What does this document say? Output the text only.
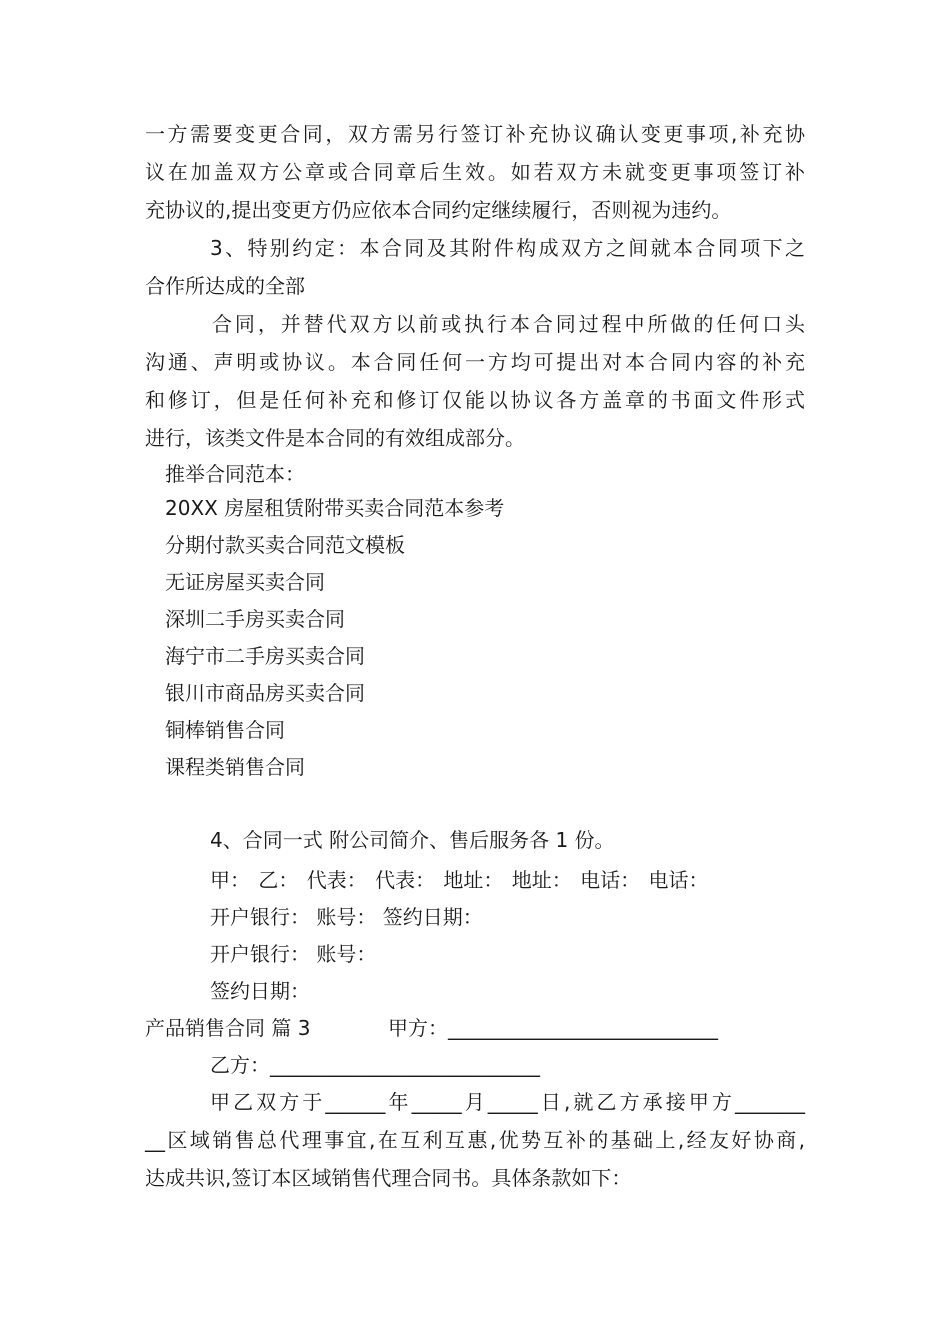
一方需要变更合同，双方需另行签订补充协议确认变更事项,补充协
议在加盖双方公章或合同章后生效。如若双方未就变更事项签订补
充协议的,提出变更方仍应依本合同约定继续履行，否则视为违约。
3、特别约定：本合同及其附件构成双方之间就本合同项下之
合作所达成的全部
合同，并替代双方以前或执行本合同过程中所做的任何口头
沟通、声明或协议。本合同任何一方均可提出对本合同内容的补充
和修订，但是任何补充和修订仅能以协议各方盖章的书面文件形式
进行，该类文件是本合同的有效组成部分。
推举合同范本：
20XX 房屋租赁附带买卖合同范本参考
分期付款买卖合同范文模板
无证房屋买卖合同
深圳二手房买卖合同
海宁市二手房买卖合同
银川市商品房买卖合同
铜棒销售合同
课程类销售合同
4、合同一式 附公司简介、售后服务各 1 份。
甲： 乙： 代表： 代表： 地址： 地址： 电话： 电话：
开户银行： 账号： 签约日期：
开户银行： 账号：
签约日期：
产品销售合同 篇 3	甲方：___________________________
乙方：___________________________
甲乙双方于______年_____月_____日,就乙方承接甲方_______
__区域销售总代理事宜,在互利互惠,优势互补的基础上,经友好协商,
达成共识,签订本区域销售代理合同书。具体条款如下：
